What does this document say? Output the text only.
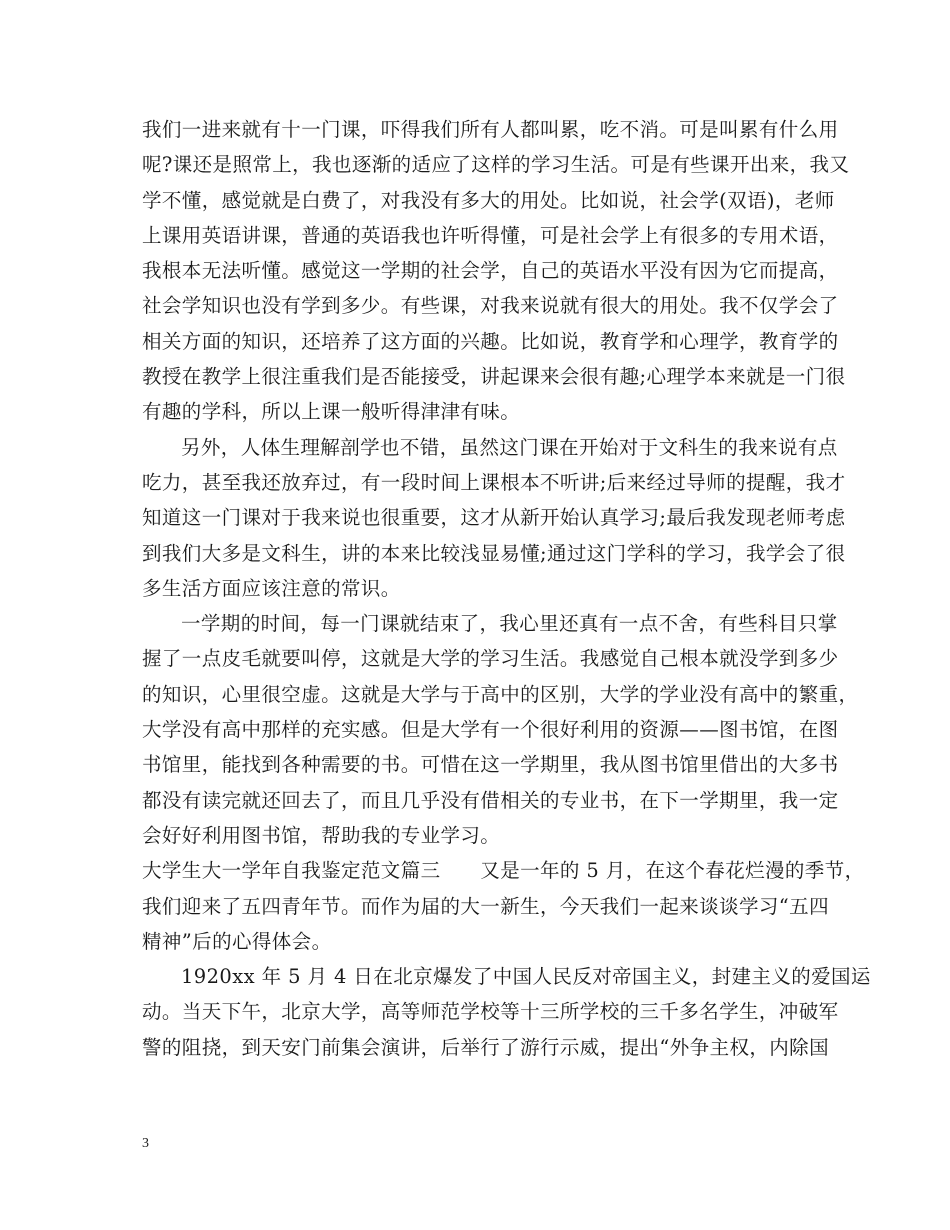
我们一进来就有十一门课，吓得我们所有人都叫累，吃不消。可是叫累有什么用
呢?课还是照常上，我也逐渐的适应了这样的学习生活。可是有些课开出来，我又
学不懂，感觉就是白费了，对我没有多大的用处。比如说，社会学(双语)，老师
上课用英语讲课，普通的英语我也许听得懂，可是社会学上有很多的专用术语，
我根本无法听懂。感觉这一学期的社会学，自己的英语水平没有因为它而提高，
社会学知识也没有学到多少。有些课，对我来说就有很大的用处。我不仅学会了
相关方面的知识，还培养了这方面的兴趣。比如说，教育学和心理学，教育学的
教授在教学上很注重我们是否能接受，讲起课来会很有趣;心理学本来就是一门很
有趣的学科，所以上课一般听得津津有味。
另外，人体生理解剖学也不错，虽然这门课在开始对于文科生的我来说有点
吃力，甚至我还放弃过，有一段时间上课根本不听讲;后来经过导师的提醒，我才
知道这一门课对于我来说也很重要，这才从新开始认真学习;最后我发现老师考虑
到我们大多是文科生，讲的本来比较浅显易懂;通过这门学科的学习，我学会了很
多生活方面应该注意的常识。
一学期的时间，每一门课就结束了，我心里还真有一点不舍，有些科目只掌
握了一点皮毛就要叫停，这就是大学的学习生活。我感觉自己根本就没学到多少
的知识，心里很空虚。这就是大学与于高中的区别，大学的学业没有高中的繁重，
大学没有高中那样的充实感。但是大学有一个很好利用的资源——图书馆，在图
书馆里，能找到各种需要的书。可惜在这一学期里，我从图书馆里借出的大多书
都没有读完就还回去了，而且几乎没有借相关的专业书，在下一学期里，我一定
会好好利用图书馆，帮助我的专业学习。
大学生大一学年自我鉴定范文篇三　　又是一年的 5 月，在这个春花烂漫的季节，
我们迎来了五四青年节。而作为届的大一新生，今天我们一起来谈谈学习“五四
精神”后的心得体会。
1920xx 年 5 月 4 日在北京爆发了中国人民反对帝国主义，封建主义的爱国运
动。当天下午，北京大学，高等师范学校等十三所学校的三千多名学生，冲破军
警的阻挠，到天安门前集会演讲，后举行了游行示威，提出“外争主权，内除国
3
